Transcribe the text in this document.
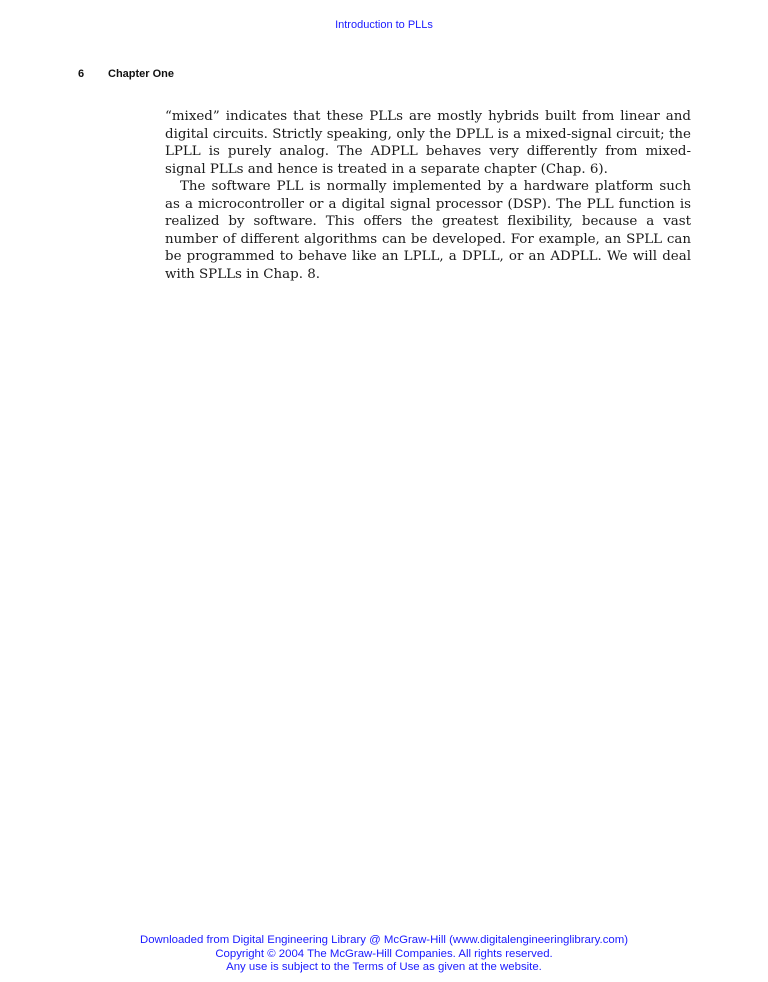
Introduction to PLLs
6 Chapter One

“mixed” indicates that these PLLs are mostly hybrids built from linear and digital circuits. Strictly speaking, only the DPLL is a mixed-signal circuit; the LPLL is purely analog. The ADPLL behaves very differently from mixed-signal PLLs and hence is treated in a separate chapter (Chap. 6).

The software PLL is normally implemented by a hardware platform such as a microcontroller or a digital signal processor (DSP). The PLL function is realized by software. This offers the greatest flexibility, because a vast number of different algorithms can be developed. For example, an SPLL can be programmed to behave like an LPLL, a DPLL, or an ADPLL. We will deal with SPLLs in Chap. 8.

Downloaded from Digital Engineering Library @ McGraw-Hill (www.digitalengineeringlibrary.com)
Copyright © 2004 The McGraw-Hill Companies. All rights reserved.
Any use is subject to the Terms of Use as given at the website.
